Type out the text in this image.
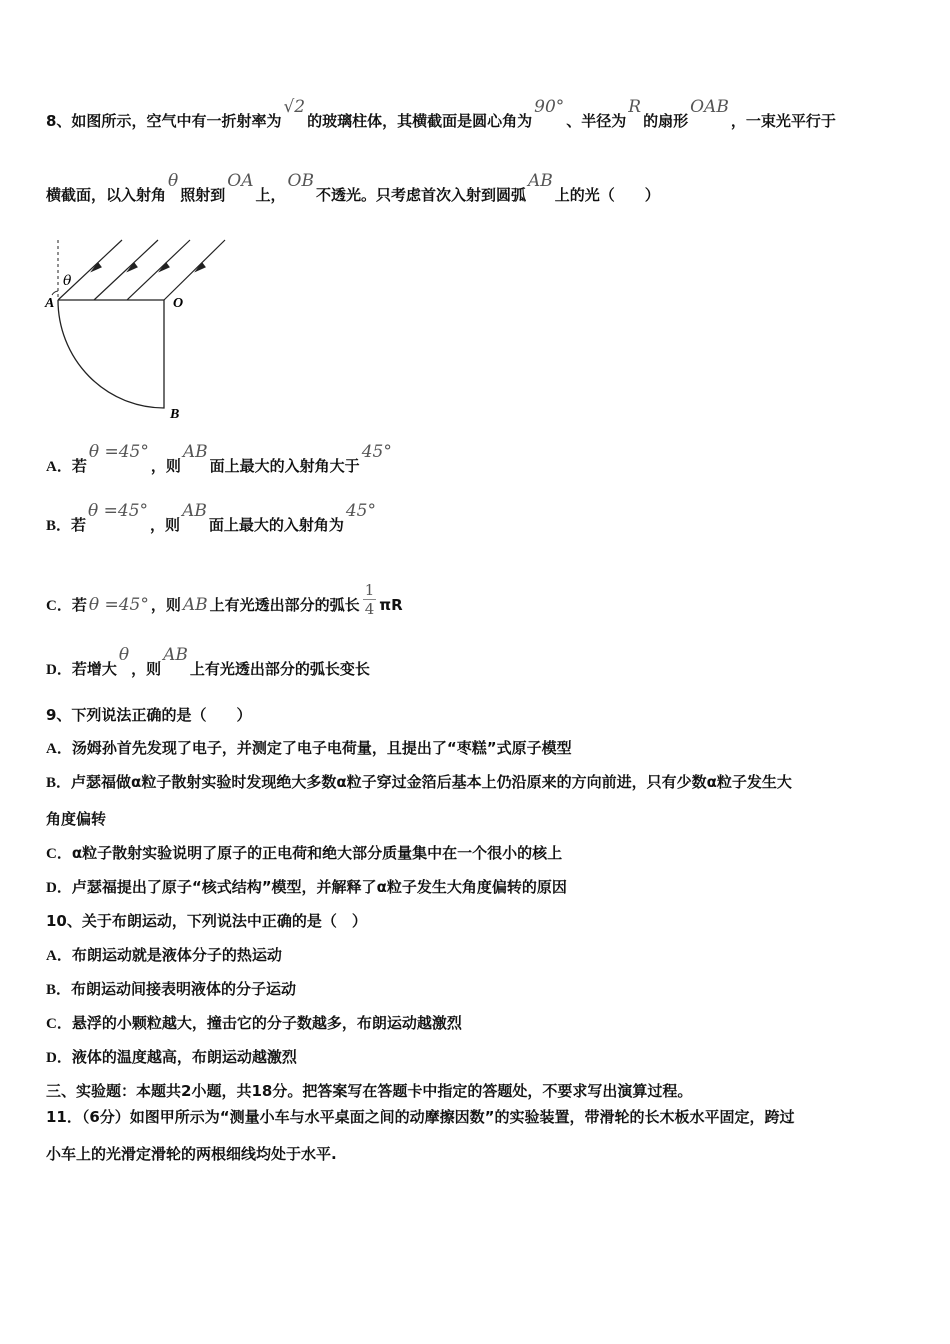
θ
A	O
B
8、如图所示，空气中有一折射率为√2的玻璃柱体，其横截面是圆心角为90°、半径为R的扇形OAB，一束光平行于
横截面，以入射角θ照射到OA上，OB不透光。只考虑首次入射到圆弧AB上的光（　　）
A．若θ =45°，则AB面上最大的入射角大于45°
B．若θ =45°，则AB面上最大的入射角为45°
C．若 θ =45° ，则 AB 上有光透出部分的弧长 $\frac{1}{4}$ πR
D．若增大θ，则AB上有光透出部分的弧长变长
9、下列说法正确的是（　　）
A．汤姆孙首先发现了电子，并测定了电子电荷量，且提出了“枣糕”式原子模型
B．卢瑟福做α粒子散射实验时发现绝大多数α粒子穿过金箔后基本上仍沿原来的方向前进，只有少数α粒子发生大
角度偏转
C．α粒子散射实验说明了原子的正电荷和绝大部分质量集中在一个很小的核上
D．卢瑟福提出了原子“核式结构”模型，并解释了α粒子发生大角度偏转的原因
10、关于布朗运动，下列说法中正确的是（　）
A．布朗运动就是液体分子的热运动
B．布朗运动间接表明液体的分子运动
C．悬浮的小颗粒越大，撞击它的分子数越多，布朗运动越激烈
D．液体的温度越高，布朗运动越激烈
三、实验题：本题共2小题，共18分。把答案写在答题卡中指定的答题处，不要求写出演算过程。
11．（6分）如图甲所示为“测量小车与水平桌面之间的动摩擦因数”的实验装置，带滑轮的长木板水平固定，跨过
小车上的光滑定滑轮的两根细线均处于水平.
